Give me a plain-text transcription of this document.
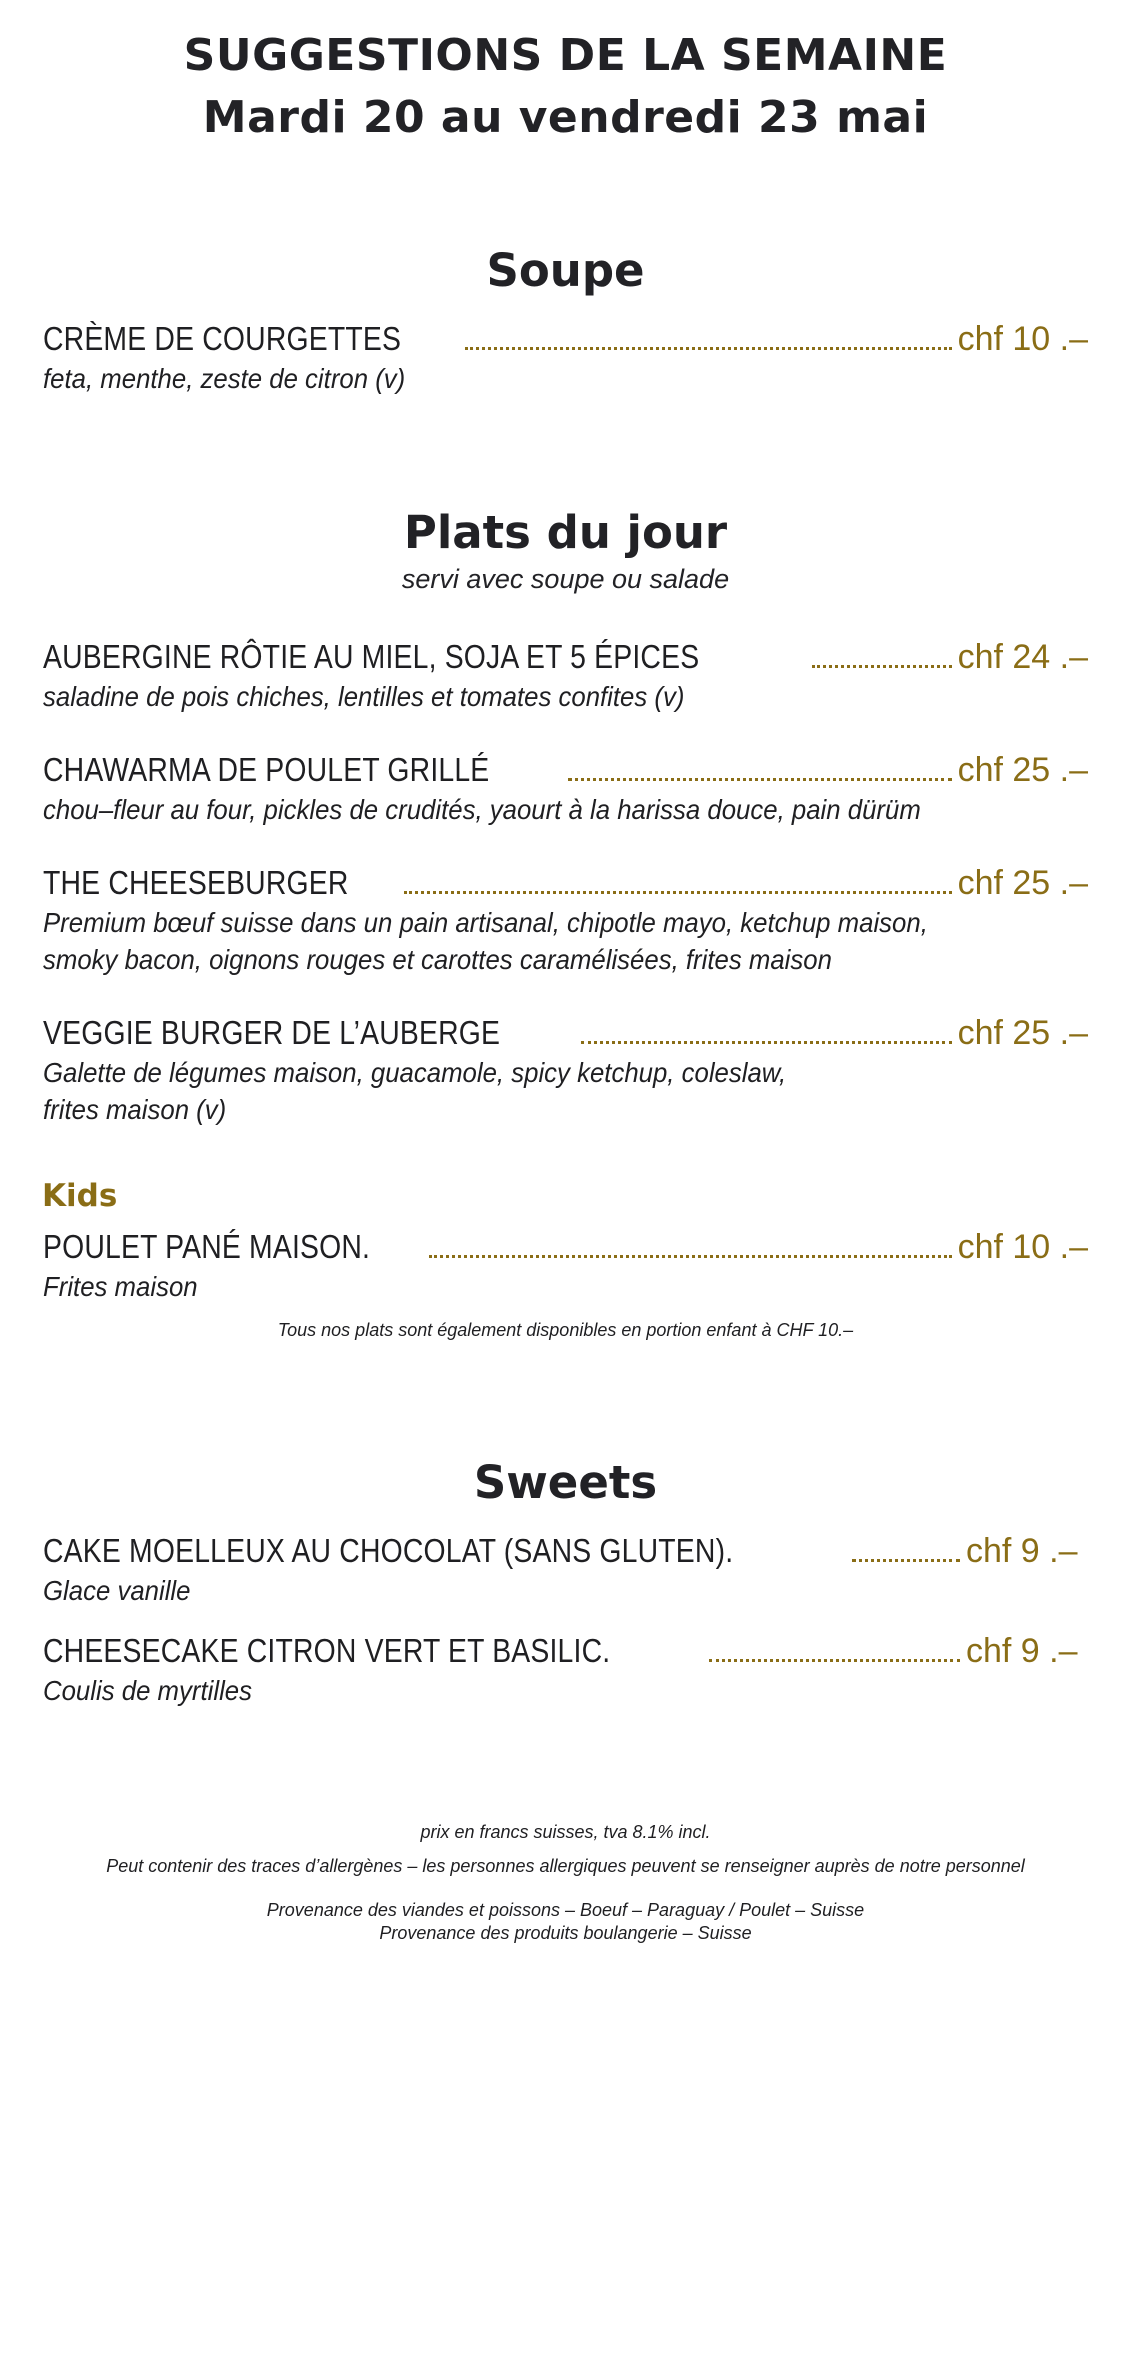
SUGGESTIONS DE LA SEMAINE
Mardi 20 au vendredi 23 mai
Soupe
CRÈME DE COURGETTES	chf 10 .–
feta, menthe, zeste de citron (v)
Plats du jour
servi avec soupe ou salade
AUBERGINE RÔTIE AU MIEL, SOJA ET 5 ÉPICES	chf 24 .–
saladine de pois chiches, lentilles et tomates confites (v)
CHAWARMA DE POULET GRILLÉ	chf 25 .–
chou–fleur au four, pickles de crudités, yaourt à la harissa douce, pain dürüm
THE CHEESEBURGER	chf 25 .–
Premium bœuf suisse dans un pain artisanal, chipotle mayo, ketchup maison,
smoky bacon, oignons rouges et carottes caramélisées, frites maison
VEGGIE BURGER DE L’AUBERGE	chf 25 .–
Galette de légumes maison, guacamole, spicy ketchup, coleslaw,
frites maison (v)
Kids
POULET PANÉ MAISON.	chf 10 .–
Frites maison
Tous nos plats sont également disponibles en portion enfant à CHF 10.–
Sweets
CAKE MOELLEUX AU CHOCOLAT (SANS GLUTEN).	chf 9 .–
Glace vanille
CHEESECAKE CITRON VERT ET BASILIC.	chf 9 .–
Coulis de myrtilles
prix en francs suisses, tva 8.1% incl.
Peut contenir des traces d’allergènes – les personnes allergiques peuvent se renseigner auprès de notre personnel
Provenance des viandes et poissons – Boeuf – Paraguay / Poulet – Suisse
Provenance des produits boulangerie – Suisse
